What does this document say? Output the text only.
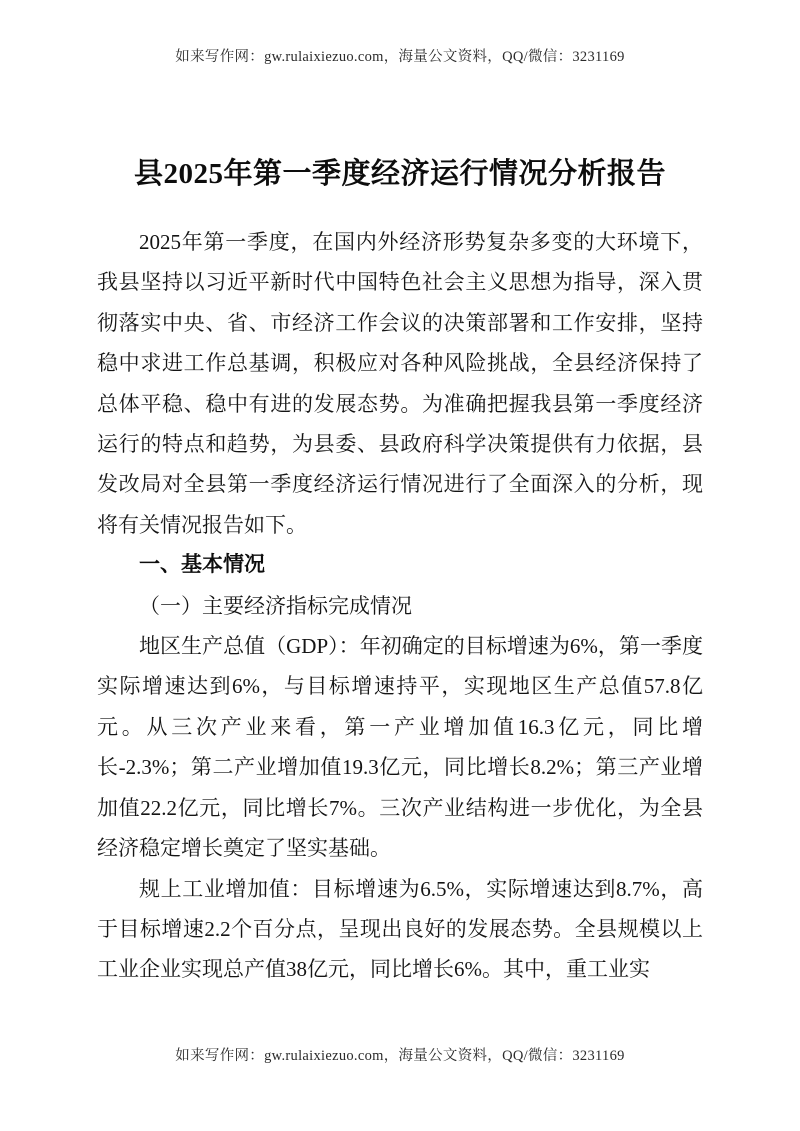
如来写作网：gw.rulaixiezuo.com，海量公文资料，QQ/微信：3231169
县2025年第一季度经济运行情况分析报告

2025年第一季度，在国内外经济形势复杂多变的大环境下，我县坚持以习近平新时代中国特色社会主义思想为指导，深入贯彻落实中央、省、市经济工作会议的决策部署和工作安排，坚持稳中求进工作总基调，积极应对各种风险挑战，全县经济保持了总体平稳、稳中有进的发展态势。为准确把握我县第一季度经济运行的特点和趋势，为县委、县政府科学决策提供有力依据，县发改局对全县第一季度经济运行情况进行了全面深入的分析，现将有关情况报告如下。

一、基本情况
（一）主要经济指标完成情况

地区生产总值（GDP）：年初确定的目标增速为6%，第一季度实际增速达到6%，与目标增速持平，实现地区生产总值57.8亿元。从三次产业来看，第一产业增加值16.3亿元，同比增长-2.3%；第二产业增加值19.3亿元，同比增长8.2%；第三产业增加值22.2亿元，同比增长7%。三次产业结构进一步优化，为全县经济稳定增长奠定了坚实基础。

规上工业增加值：目标增速为6.5%，实际增速达到8.7%，高于目标增速2.2个百分点，呈现出良好的发展态势。全县规模以上工业企业实现总产值38亿元，同比增长6%。其中，重工业实

如来写作网：gw.rulaixiezuo.com，海量公文资料，QQ/微信：3231169
